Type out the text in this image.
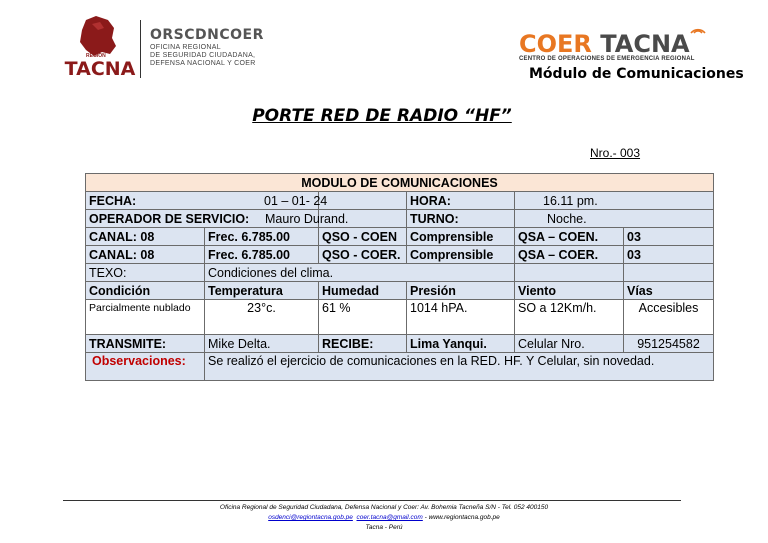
REGIÓN
TACNA
ORSCDNCOER
OFICINA REGIONAL
DE SEGURIDAD CIUDADANA,
DEFENSA NACIONAL Y COER
COER TACNA
CENTRO DE OPERACIONES DE EMERGENCIA REGIONAL
Módulo de Comunicaciones
PORTE RED DE RADIO “HF”
Nro.- 003
MODULO DE COMUNICACIONES					
FECHA:		01 – 01- 24	HORA:	16.11 pm.	
OPERADOR DE SERVICIO:		Mauro Durand.	TURNO:	Noche.	
CANAL: 08	Frec. 6.785.00	QSO - COEN	Comprensible	QSA – COEN.	03
CANAL: 08	Frec. 6.785.00	QSO - COER.	Comprensible	QSA – COER.	03
TEXO:	Condiciones del clima.				
Condición	Temperatura	Humedad	Presión	Viento	Vías
Parcialmente nublado	23°c.	61 %	1014 hPA.	SO a 12Km/h.	Accesibles
TRANSMITE:	Mike Delta.	RECIBE:	Lima Yanqui.	Celular Nro.	951254582
Observaciones:	Se realizó el ejercicio de comunicaciones en la RED. HF. Y Celular, sin novedad.				
Oficina Regional de Seguridad Ciudadana, Defensa Nacional y Coer: Av. Bohemia Tacneña S/N - Tel. 052 400150
osdenci@regiontacna.gob.pe coer.tacna@gmail.com - www.regiontacna.gob.pe
Tacna - Perú
